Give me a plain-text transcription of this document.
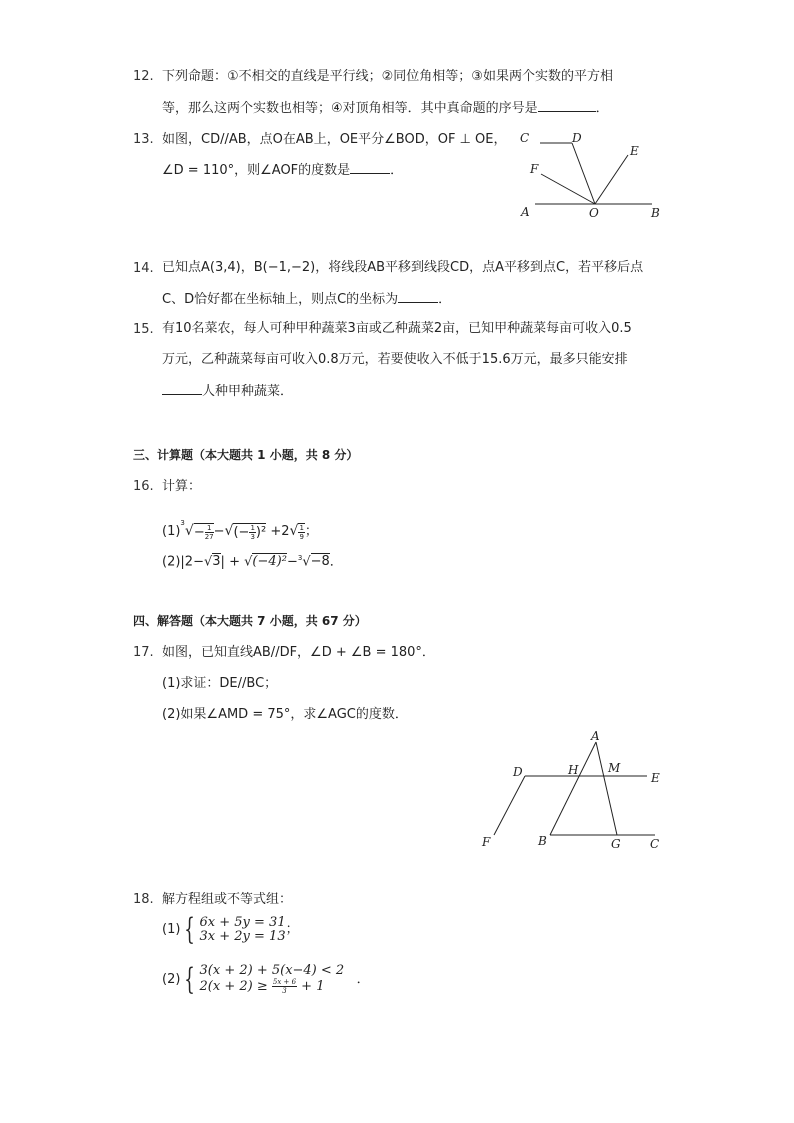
12. 下列命题：①不相交的直线是平行线；②同位角相等；③如果两个实数的平方相
等，那么这两个实数也相等；④对顶角相等．其中真命题的序号是	．
13. 如图，CD//AB，点O在AB上，OE平分∠BOD，OF ⊥ OE，
∠D = 110°，则∠AOF的度数是	．
C	D
E
F
A	O	B
A
D	H M
E
F	B	G C
14. 已知点A(3,4)，B(−1,−2)，将线段AB平移到线段CD，点A平移到点C，若平移后点
C、D恰好都在坐标轴上，则点C的坐标为	．
15. 有10名菜农，每人可种甲种蔬菜3亩或乙种蔬菜2亩，已知甲种蔬菜每亩可收入0.5
万元，乙种蔬菜每亩可收入0.8万元，若要使收入不低于15.6万元，最多只能安排
人种甲种蔬菜．
三、计算题（本大题共 1 小题，共 8 分）
16. 计算：
$(1)^3√- \frac{1}{27}$ −√(− $\frac{1}{3} )^2 +2√ \frac{1}{9}$ ；
(2)|2−√3| + √(−4)²−$^3$√−8．
四、解答题（本大题共 7 小题，共 67 分）
17. 如图，已知直线AB//DF，∠D + ∠B = 180°．
(1)求证：DE//BC；
(2)如果∠AMD = 75°，求∠AGC的度数．
18. 解方程组或不等式组：
(1) { 6x + 5y = 31
3x + 2y = 13 ；
(2) { 3(x + 2) + 5(x−4) < 2
$2(x + 2) \ge \frac{5x + 6}{3} + 1$	．
